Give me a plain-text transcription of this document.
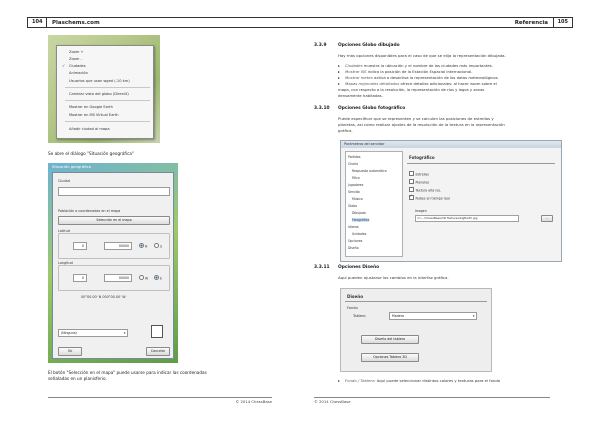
104	Plaschems.com
Zoom +
Zoom -
✓ Ciudades
Animación
Usuarios que usan wged (-10 km)
Cambiar vista del globo (DirectX)
Mostrar en Google Earth
Mostrar en MS Virtual Earth
Añadir ciudad al mapa
Se abre el diálogo "Situación geográfica"
Situación geográfica
Ciudad
Población o coordenadas en el mapa
Selección en el mapa
Latitud
0	00000	N	S
Longitud
0	00000	W	E
00°00.00' N 000°00.00' W
(Ninguna)	▾
Ok	Cancelar
El botón "Selección en el mapa" puede usarse para indicar las coordenadas
señaladas en un planisferio.
© 2014 ChessBase
Referencia	105
3.3.9	Opciones Globo dibujado
Hay más opciones disponibles para el caso de que se elija la representación dibujada.
▸ Ciudades muestra la ubicación y el nombre de las ciudades más importantes.
▸ Mostrar ISS indica la posición de la Estación Espacial Internacional.
▸ Mostrar meteo activa o desactiva la representación de los datos meteorológicos.
▸ Mapas regionales detallados ofrece detalles adicionales: al hacer zoom sobre el
mapa, con respecto a la resolución, la representación de ríos y lagos y zonas
densamente habitadas.
3.3.10 Opciones Globo fotográfico
Puede especificar que se representen y se calculen las posiciones de estrellas y
planetas, así como realizar ajustes de la resolución de la textura en la representación
gráfica.
Parámetros del servidor
Partidas
Charla
Respuesta automática
Filtro
Jugadores
Servido
Música
Globo
Dibujado
Fotográfico
Idioma
Unidades
Opciones
Diseño
Fotográfico
Estrellas
Planetas
Textura alta res.
✓Nubes en tiempo real
Imagen
C:\...\ChessBase\3D Textures\bigEarth.jpg	...
3.3.11 Opciones Diseño
Aquí pueden ajustarse los cambios en la interfaz gráfica.
Diseño
Fondo
Tablero	Madera	▾
Diseño del tablero
Opciones Tablero 3D
▸ Fondo / Tablero: Aquí puede seleccionar distintos colores y texturas para el fondo
© 2014 ChessBase
